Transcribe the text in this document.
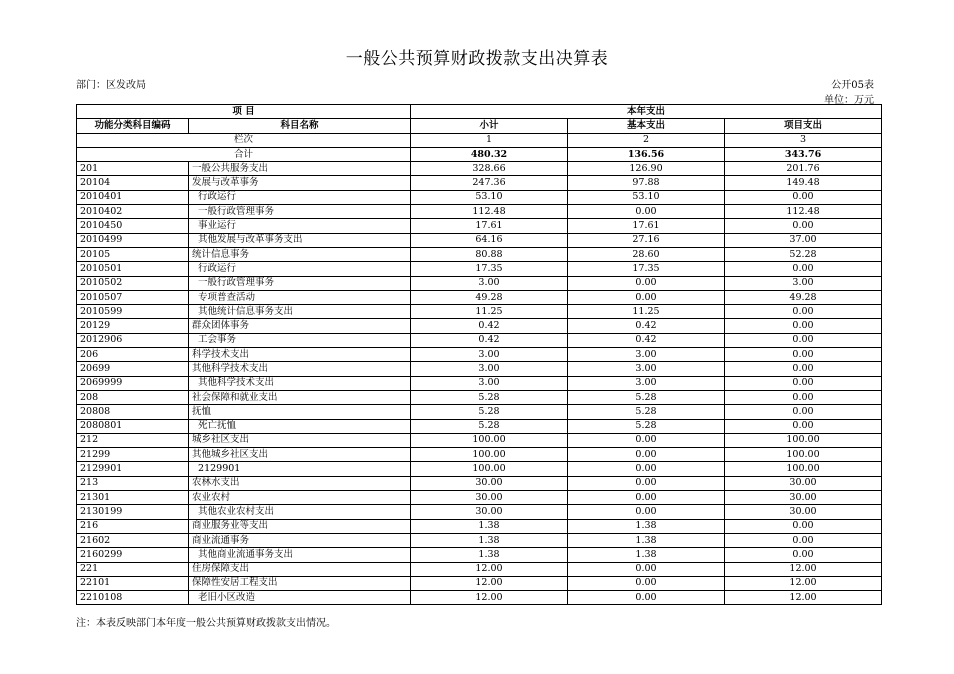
一般公共预算财政拨款支出决算表
部门：区发改局	公开05表
单位：万元
项 目		本年支出		
功能分类科目编码	科目名称	小计	基本支出	项目支出
栏次		1	2	3
合计		480.32	136.56	343.76
201	一般公共服务支出	328.66	126.90	201.76
20104	发展与改革事务	247.36	97.88	149.48
2010401	行政运行	53.10	53.10	0.00
2010402	一般行政管理事务	112.48	0.00	112.48
2010450	事业运行	17.61	17.61	0.00
2010499	其他发展与改革事务支出	64.16	27.16	37.00
20105	统计信息事务	80.88	28.60	52.28
2010501	行政运行	17.35	17.35	0.00
2010502	一般行政管理事务	3.00	0.00	3.00
2010507	专项普查活动	49.28	0.00	49.28
2010599	其他统计信息事务支出	11.25	11.25	0.00
20129	群众团体事务	0.42	0.42	0.00
2012906	工会事务	0.42	0.42	0.00
206	科学技术支出	3.00	3.00	0.00
20699	其他科学技术支出	3.00	3.00	0.00
2069999	其他科学技术支出	3.00	3.00	0.00
208	社会保障和就业支出	5.28	5.28	0.00
20808	抚恤	5.28	5.28	0.00
2080801	死亡抚恤	5.28	5.28	0.00
212	城乡社区支出	100.00	0.00	100.00
21299	其他城乡社区支出	100.00	0.00	100.00
2129901	2129901	100.00	0.00	100.00
213	农林水支出	30.00	0.00	30.00
21301	农业农村	30.00	0.00	30.00
2130199	其他农业农村支出	30.00	0.00	30.00
216	商业服务业等支出	1.38	1.38	0.00
21602	商业流通事务	1.38	1.38	0.00
2160299	其他商业流通事务支出	1.38	1.38	0.00
221	住房保障支出	12.00	0.00	12.00
22101	保障性安居工程支出	12.00	0.00	12.00
2210108	老旧小区改造	12.00	0.00	12.00
注：本表反映部门本年度一般公共预算财政拨款支出情况。
